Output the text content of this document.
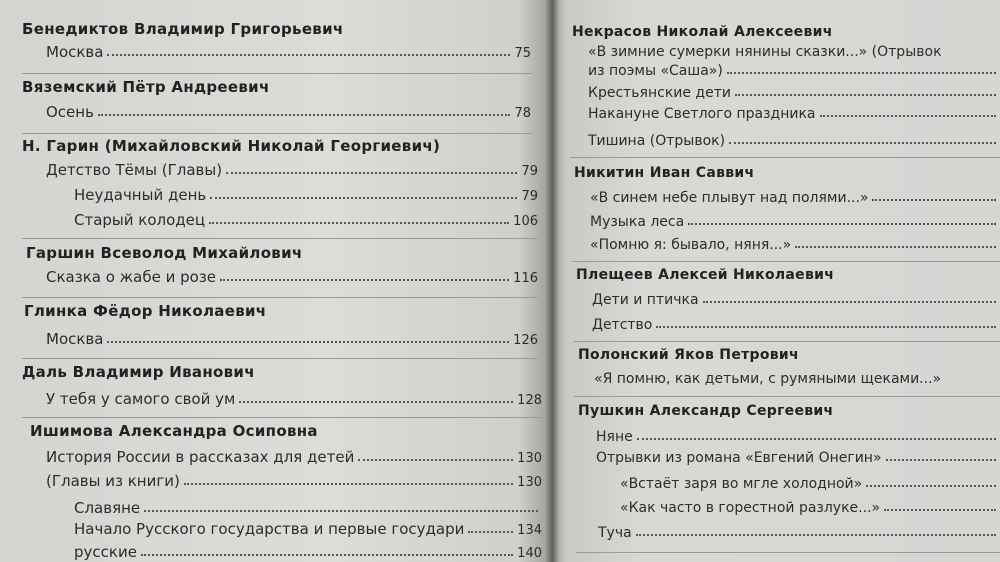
Бенедиктов Владимир Григорьевич
Москва	75
Вяземский Пётр Андреевич
Осень	78
Н. Гарин (Михайловский Николай Георгиевич)
Детство Тёмы (Главы)	79
Неудачный день	79
Старый колодец	106
Гаршин Всеволод Михайлович
Сказка о жабе и розе	116
Глинка Фёдор Николаевич
Москва	126
Даль Владимир Иванович
У тебя у самого свой ум	128
Ишимова Александра Осиповна
История России в рассказах для детей	130
(Главы из книги)	130
Славяне
Начало Русского государства и первые государи	134
русские	140
Некрасов Николай Алексеевич
«В зимние сумерки нянины сказки...» (Отрывок
из поэмы «Саша»)
Крестьянские дети
Накануне Светлого праздника
Тишина (Отрывок)
Никитин Иван Саввич
«В синем небе плывут над полями...»
Музыка леса
«Помню я: бывало, няня...»
Плещеев Алексей Николаевич
Дети и птичка
Детство
Полонский Яков Петрович
«Я помню, как детьми, с румяными щеками...»
Пушкин Александр Сергеевич
Няне
Отрывки из романа «Евгений Онегин»
«Встаёт заря во мгле холодной»
«Как часто в горестной разлуке...»
Туча
